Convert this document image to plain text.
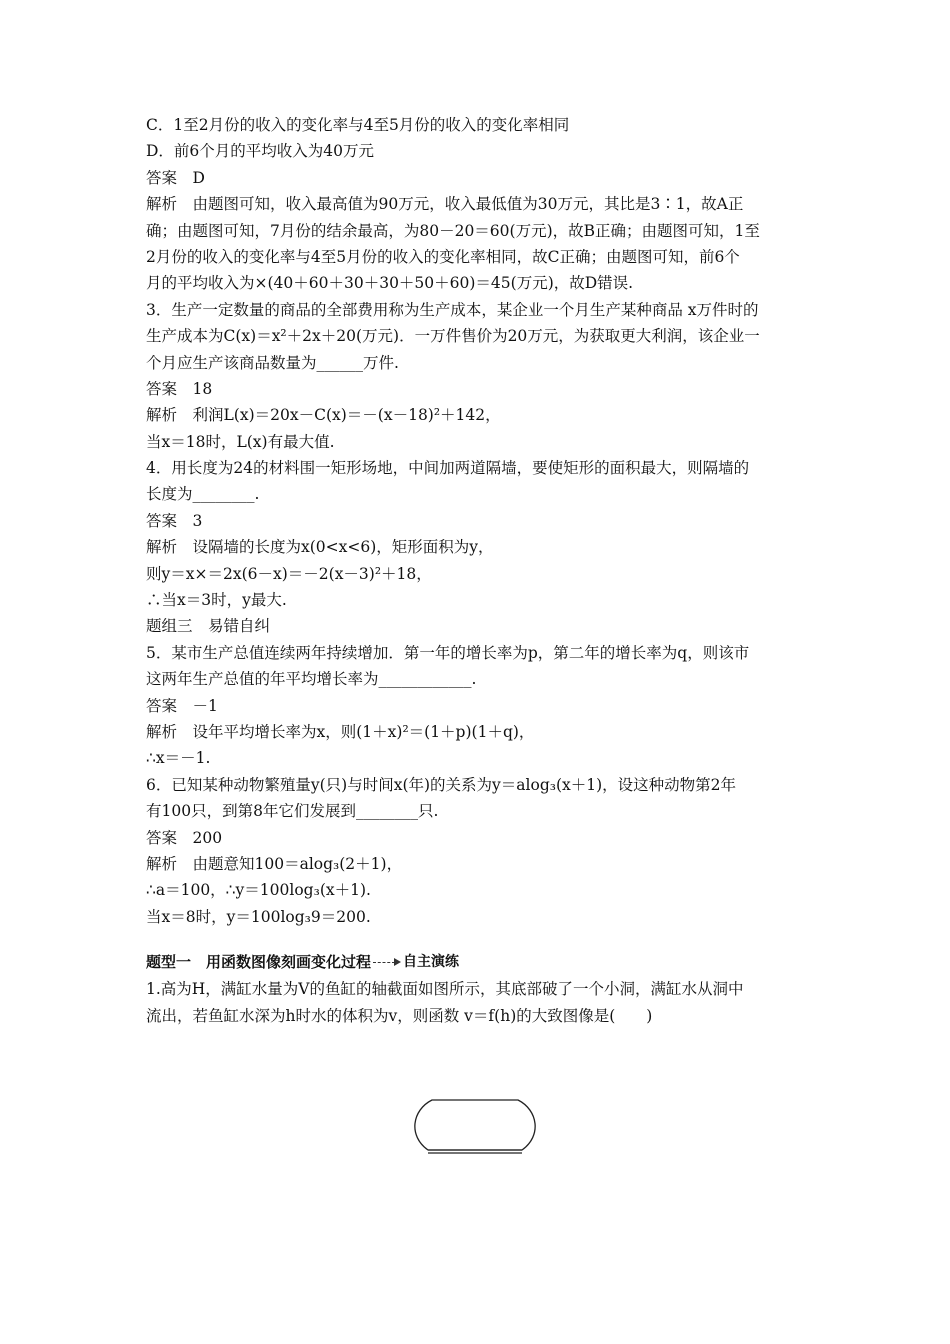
C．1至2月份的收入的变化率与4至5月份的收入的变化率相同
D．前6个月的平均收入为40万元
答案　D
解析　由题图可知，收入最高值为90万元，收入最低值为30万元，其比是3∶1，故A正
确；由题图可知，7月份的结余最高，为80－20＝60(万元)，故B正确；由题图可知，1至
2月份的收入的变化率与4至5月份的收入的变化率相同，故C正确；由题图可知，前6个
月的平均收入为×(40＋60＋30＋30＋50＋60)＝45(万元)，故D错误.
3．生产一定数量的商品的全部费用称为生产成本，某企业一个月生产某种商品 x万件时的
生产成本为C(x)＝x²＋2x＋20(万元)．一万件售价为20万元，为获取更大利润，该企业一
个月应生产该商品数量为______万件.
答案　18
解析　利润L(x)＝20x－C(x)＝－(x－18)²＋142，
当x＝18时，L(x)有最大值.
4．用长度为24的材料围一矩形场地，中间加两道隔墙，要使矩形的面积最大，则隔墙的
长度为________.
答案　3
解析　设隔墙的长度为x(0<x<6)，矩形面积为y，
则y＝x×＝2x(6－x)＝－2(x－3)²＋18，
∴当x＝3时，y最大.
题组三　易错自纠
5．某市生产总值连续两年持续增加．第一年的增长率为p，第二年的增长率为q，则该市
这两年生产总值的年平均增长率为____________.
答案　－1
解析　设年平均增长率为x，则(1＋x)²＝(1＋p)(1＋q)，
∴x＝－1.
6．已知某种动物繁殖量y(只)与时间x(年)的关系为y＝alog₃(x＋1)，设这种动物第2年
有100只，到第8年它们发展到________只.
答案　200
解析　由题意知100＝alog₃(2＋1)，
∴a＝100，∴y＝100log₃(x＋1).
当x＝8时，y＝100log₃9＝200.
题型一　用函数图像刻画变化过程 自主演练
1.高为H，满缸水量为V的鱼缸的轴截面如图所示，其底部破了一个小洞，满缸水从洞中
流出，若鱼缸水深为h时水的体积为v，则函数 v＝f(h)的大致图像是(　　)
